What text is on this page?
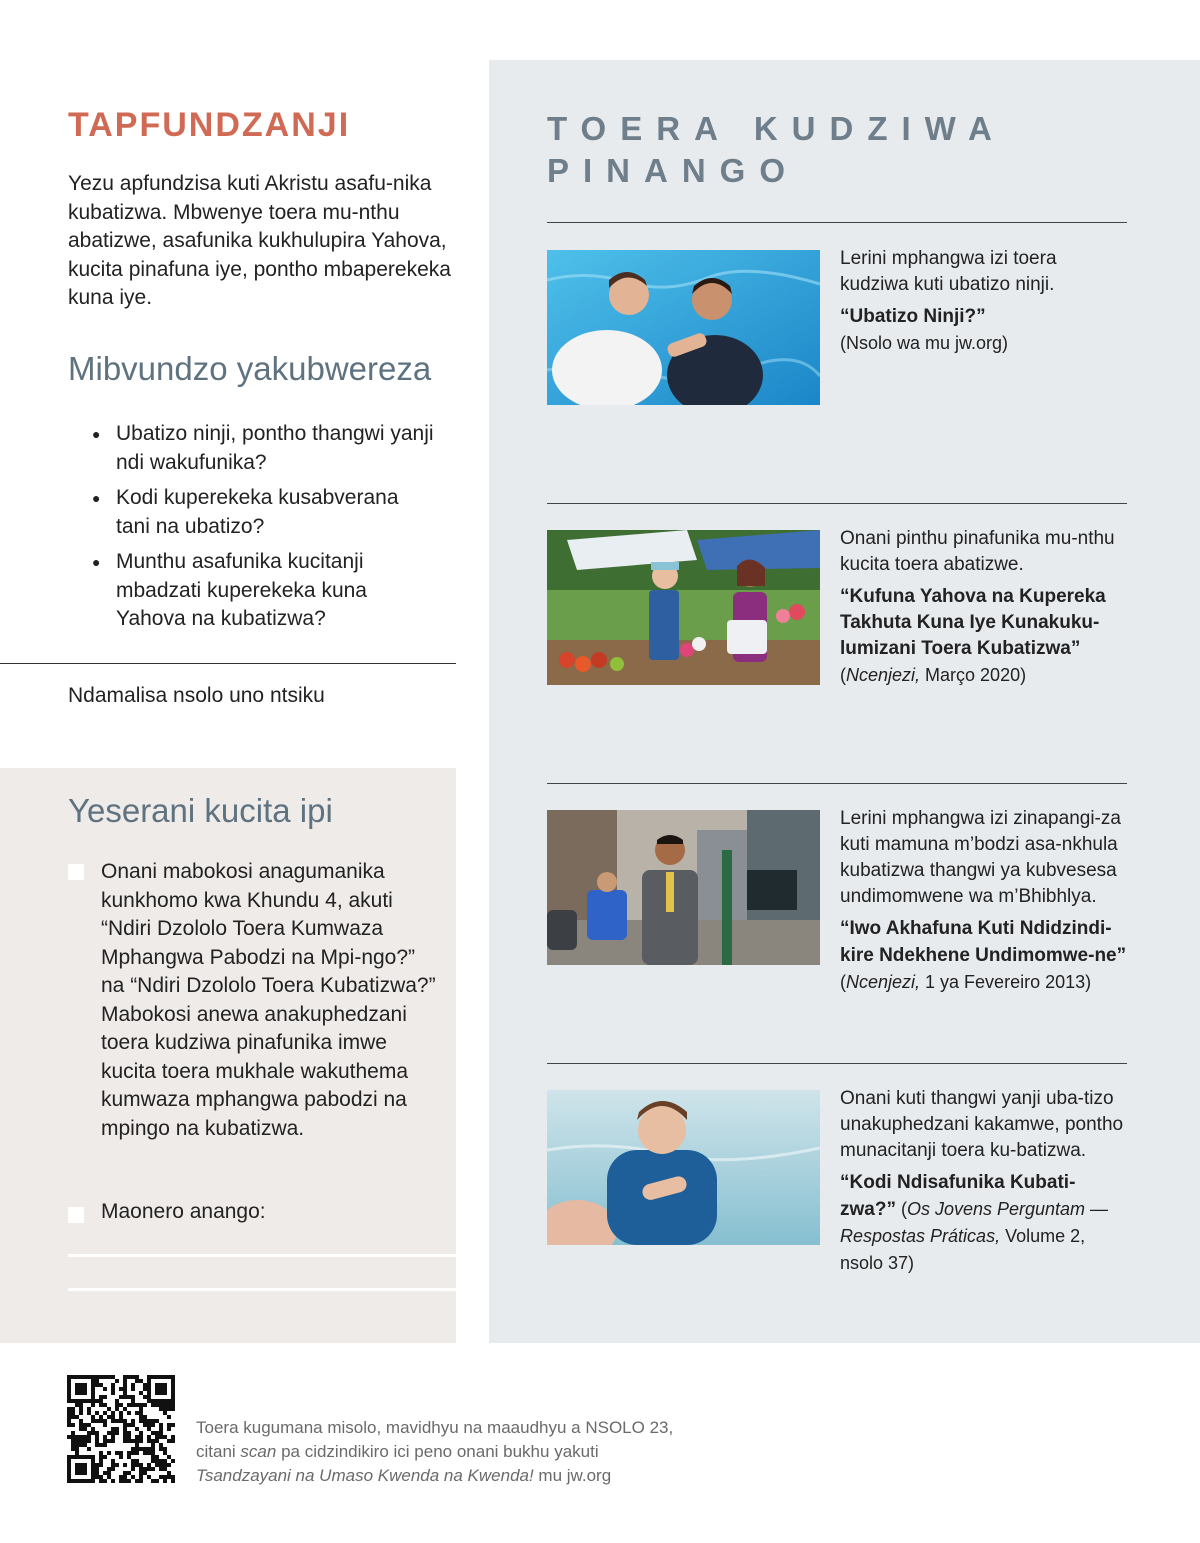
TAPFUNDZANJI

Yezu apfundzisa kuti Akristu asafu-nika kubatizwa. Mbwenye toera mu-nthu abatizwe, asafunika kukhulupira Yahova, kucita pinafuna iye, pontho mbaperekeka kuna iye.

Mibvundzo yakubwereza
● Ubatizo ninji, pontho thangwi yanji ndi wakufunika?
● Kodi kuperekeka kusabverana tani na ubatizo?
● Munthu asafunika kucitanji mbadzati kuperekeka kuna Yahova na kubatizwa?

Ndamalisa nsolo uno ntsiku

Yeserani kucita ipi

Onani mabokosi anagumanika kunkhomo kwa Khundu 4, akuti “Ndiri Dzololo Toera Kumwaza Mphangwa Pabodzi na Mpi-ngo?” na “Ndiri Dzololo Toera Kubatizwa?” Mabokosi anewa anakuphedzani toera kudziwa pinafunika imwe kucita toera mukhale wakuthema kumwaza mphangwa pabodzi na mpingo na kubatizwa.

Maonero anango:

TOERA KUDZIWA PINANGO

Lerini mphangwa izi toera kudziwa kuti ubatizo ninji.

“Ubatizo Ninji?”

(Nsolo wa mu jw.org)

Onani pinthu pinafunika mu-nthu kucita toera abatizwe.

“Kufuna Yahova na Kupereka Takhuta Kuna Iye Kunakuku-lumizani Toera Kubatizwa”

(Ncenjezi, Março 2020)

Lerini mphangwa izi zinapangi-za kuti mamuna m’bodzi asa-nkhula kubatizwa thangwi ya kubvesesa undimomwene wa m’Bhibhlya.

“Iwo Akhafuna Kuti Ndidzindi-kire Ndekhene Undimomwe-ne” (Ncenjezi, 1 ya Fevereiro 2013)

Onani kuti thangwi yanji uba-tizo unakuphedzani kakamwe, pontho munacitanji toera ku-batizwa.

“Kodi Ndisafunika Kubati-zwa?” (Os Jovens Perguntam —Respostas Práticas, Volume 2, nsolo 37)

Toera kugumana misolo, mavidhyu na maaudhyu a NSOLO 23,
citani scan pa cidzindikiro ici peno onani bukhu yakuti
Tsandzayani na Umaso Kwenda na Kwenda! mu jw.org
